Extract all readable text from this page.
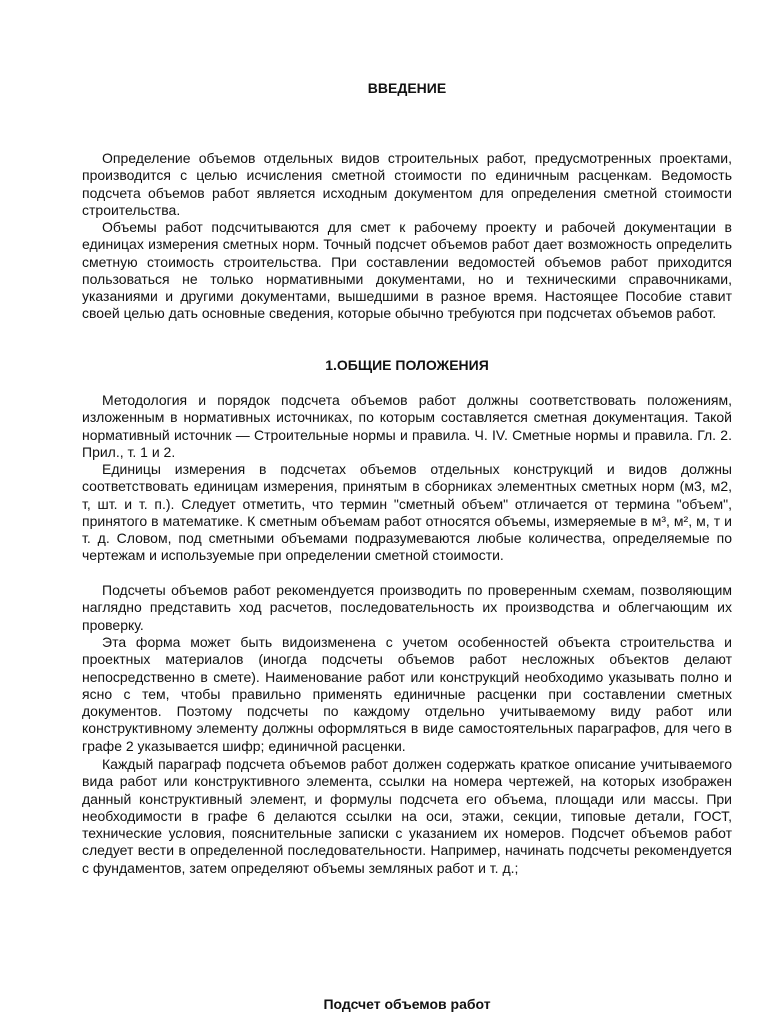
ВВЕДЕНИЕ

Определение объемов отдельных видов строительных работ, предусмотренных проектами, производится с целью исчисления сметной стоимости по единичным расценкам. Ведомость подсчета объемов работ является исходным документом для определения сметной стоимости строительства.

Объемы работ подсчитываются для смет к рабочему проекту и рабочей документации в единицах измерения сметных норм. Точный подсчет объемов работ дает возможность определить сметную стоимость строительства. При составлении ведомостей объемов работ приходится пользоваться не только нормативными документами, но и техническими справочниками, указаниями и другими документами, вышедшими в разное время. Настоящее Пособие ставит своей целью дать основные сведения, которые обычно требуются при подсчетах объемов работ.

1.ОБЩИЕ ПОЛОЖЕНИЯ

Методология и порядок подсчета объемов работ должны соответствовать положениям, изложенным в нормативных источниках, по которым составляется сметная документация. Такой нормативный источник — Строительные нормы и правила. Ч. IV. Сметные нормы и правила. Гл. 2. Прил., т. 1 и 2.

Единицы измерения в подсчетах объемов отдельных конструкций и видов должны соответствовать единицам измерения, принятым в сборниках элементных сметных норм (м3, м2, т, шт. и т. п.). Следует отметить, что термин "сметный объем" отличается от термина "объем", принятого в математике. К сметным объемам работ относятся объемы, измеряемые в м³, м², м, т и т. д. Словом, под сметными объемами подразумеваются любые количества, определяемые по чертежам и используемые при определении сметной стоимости.

Подсчеты объемов работ рекомендуется производить по проверенным схемам, позволяющим наглядно представить ход расчетов, последовательность их производства и облегчающим их проверку.

Эта форма может быть видоизменена с учетом особенностей объекта строительства и проектных материалов (иногда подсчеты объемов работ несложных объектов делают непосредственно в смете). Наименование работ или конструкций необходимо указывать полно и ясно с тем, чтобы правильно применять единичные расценки при составлении сметных документов. Поэтому подсчеты по каждому отдельно учитываемому виду работ или конструктивному элементу должны оформляться в виде самостоятельных параграфов, для чего в графе 2 указывается шифр; единичной расценки.

Каждый параграф подсчета объемов работ должен содержать краткое описание учитываемого вида работ или конструктивного элемента, ссылки на номера чертежей, на которых изображен данный конструктивный элемент, и формулы подсчета его объема, площади или массы. При необходимости в графе 6 делаются ссылки на оси, этажи, секции, типовые детали, ГОСТ, технические условия, пояснительные записки с указанием их номеров. Подсчет объемов работ следует вести в определенной последовательности. Например, начинать подсчеты рекомендуется с фундаментов, затем определяют объемы земляных работ и т. д.;

Подсчет объемов работ
